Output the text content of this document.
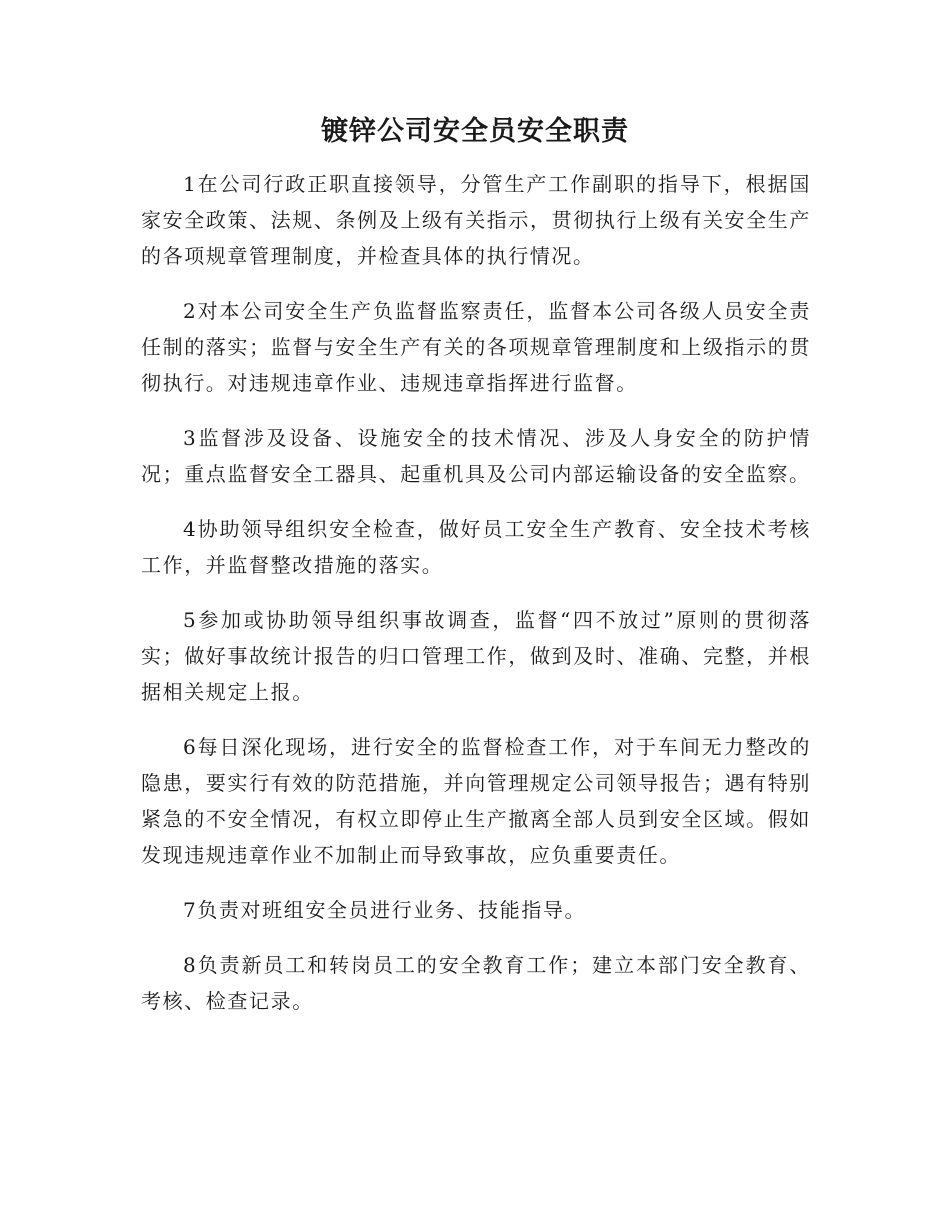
镀锌公司安全员安全职责

1在公司行政正职直接领导，分管生产工作副职的指导下，根据国家安全政策、法规、条例及上级有关指示，贯彻执行上级有关安全生产的各项规章管理制度，并检查具体的执行情况。

2对本公司安全生产负监督监察责任，监督本公司各级人员安全责任制的落实；监督与安全生产有关的各项规章管理制度和上级指示的贯彻执行。对违规违章作业、违规违章指挥进行监督。

3监督涉及设备、设施安全的技术情况、涉及人身安全的防护情况；重点监督安全工器具、起重机具及公司内部运输设备的安全监察。

4协助领导组织安全检查，做好员工安全生产教育、安全技术考核工作，并监督整改措施的落实。

5参加或协助领导组织事故调查，监督“四不放过”原则的贯彻落实；做好事故统计报告的归口管理工作，做到及时、准确、完整，并根据相关规定上报。

6每日深化现场，进行安全的监督检查工作，对于车间无力整改的隐患，要实行有效的防范措施，并向管理规定公司领导报告；遇有特别紧急的不安全情况，有权立即停止生产撤离全部人员到安全区域。假如发现违规违章作业不加制止而导致事故，应负重要责任。

7负责对班组安全员进行业务、技能指导。

8负责新员工和转岗员工的安全教育工作；建立本部门安全教育、考核、检查记录。
